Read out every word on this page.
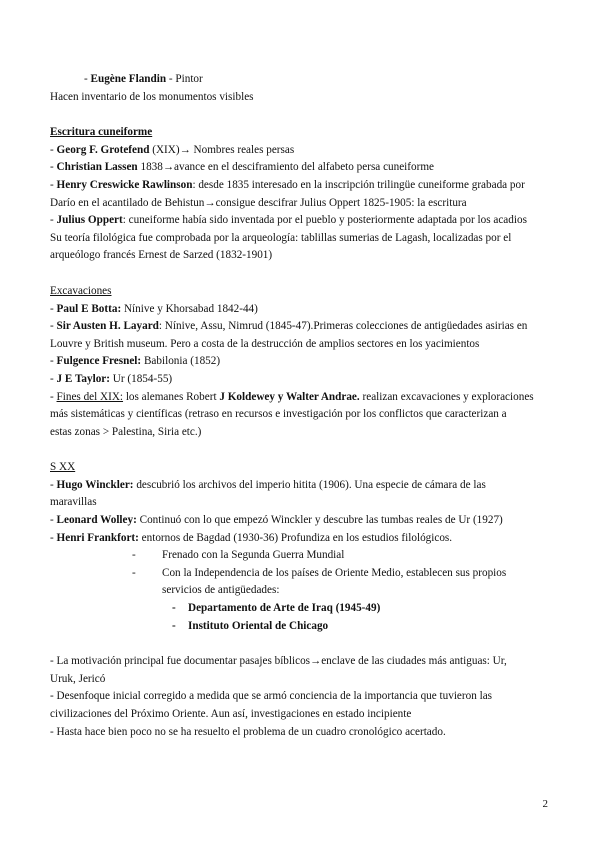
- Eugène Flandin - Pintor
Hacen inventario de los monumentos visibles
Escritura cuneiforme
- Georg F. Grotefend (XIX)→ Nombres reales persas
- Christian Lassen 1838→avance en el desciframiento del alfabeto persa cuneiforme
- Henry Creswicke Rawlinson: desde 1835 interesado en la inscripción trilingüe cuneiforme grabada por
Darío en el acantilado de Behistun→consigue descifrar Julius Oppert 1825-1905: la escritura
- Julius Oppert: cuneiforme había sido inventada por el pueblo y posteriormente adaptada por los acadios
Su teoría filológica fue comprobada por la arqueología: tablillas sumerias de Lagash, localizadas por el
arqueólogo francés Ernest de Sarzed (1832-1901)
Excavaciones
- Paul E Botta: Nínive y Khorsabad 1842-44)
- Sir Austen H. Layard: Nínive, Assu, Nimrud (1845-47).Primeras colecciones de antigüedades asirias en
Louvre y British museum. Pero a costa de la destrucción de amplios sectores en los yacimientos
- Fulgence Fresnel: Babilonia (1852)
- J E Taylor: Ur (1854-55)
- Fines del XIX: los alemanes Robert J Koldewey y Walter Andrae. realizan excavaciones y exploraciones
más sistemáticas y científicas (retraso en recursos e investigación por los conflictos que caracterizan a
estas zonas > Palestina, Siria etc.)
S XX
- Hugo Winckler: descubrió los archivos del imperio hitita (1906). Una especie de cámara de las
maravillas
- Leonard Wolley: Continuó con lo que empezó Winckler y descubre las tumbas reales de Ur (1927)
- Henri Frankfort: entornos de Bagdad (1930-36) Profundiza en los estudios filológicos.
- Frenado con la Segunda Guerra Mundial
- Con la Independencia de los países de Oriente Medio, establecen sus propios
servicios de antigüedades:
- Departamento de Arte de Iraq (1945-49)
- Instituto Oriental de Chicago
- La motivación principal fue documentar pasajes bíblicos→enclave de las ciudades más antiguas: Ur,
Uruk, Jericó
- Desenfoque inicial corregido a medida que se armó conciencia de la importancia que tuvieron las
civilizaciones del Próximo Oriente. Aun así, investigaciones en estado incipiente
- Hasta hace bien poco no se ha resuelto el problema de un cuadro cronológico acertado.
2
